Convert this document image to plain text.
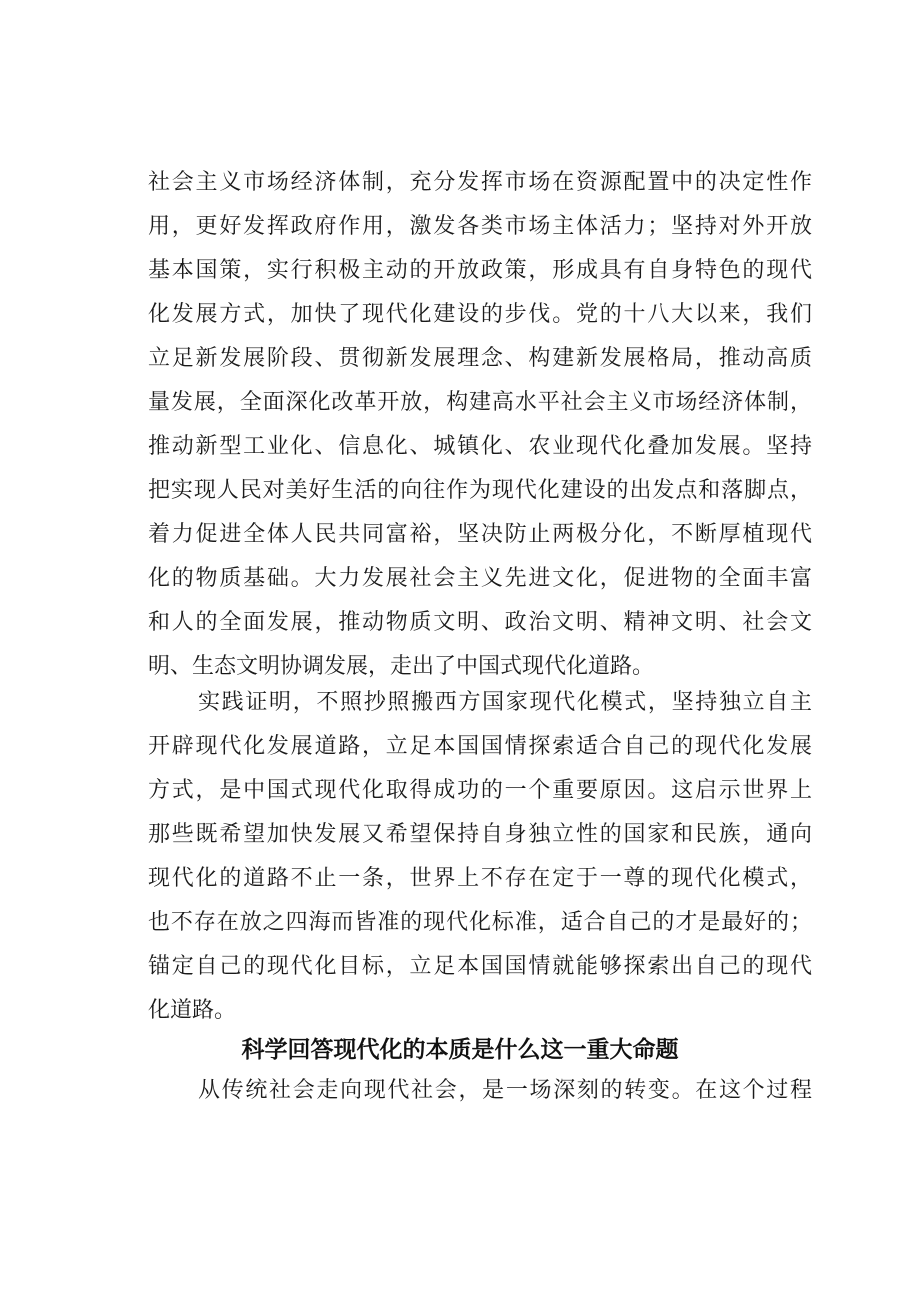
社会主义市场经济体制，充分发挥市场在资源配置中的决定性作
用，更好发挥政府作用，激发各类市场主体活力；坚持对外开放
基本国策，实行积极主动的开放政策，形成具有自身特色的现代
化发展方式，加快了现代化建设的步伐。党的十八大以来，我们
立足新发展阶段、贯彻新发展理念、构建新发展格局，推动高质
量发展，全面深化改革开放，构建高水平社会主义市场经济体制，
推动新型工业化、信息化、城镇化、农业现代化叠加发展。坚持
把实现人民对美好生活的向往作为现代化建设的出发点和落脚点，
着力促进全体人民共同富裕，坚决防止两极分化，不断厚植现代
化的物质基础。大力发展社会主义先进文化，促进物的全面丰富
和人的全面发展，推动物质文明、政治文明、精神文明、社会文
明、生态文明协调发展，走出了中国式现代化道路。
实践证明，不照抄照搬西方国家现代化模式，坚持独立自主
开辟现代化发展道路，立足本国国情探索适合自己的现代化发展
方式，是中国式现代化取得成功的一个重要原因。这启示世界上
那些既希望加快发展又希望保持自身独立性的国家和民族，通向
现代化的道路不止一条，世界上不存在定于一尊的现代化模式，
也不存在放之四海而皆准的现代化标准，适合自己的才是最好的；
锚定自己的现代化目标，立足本国国情就能够探索出自己的现代
化道路。
科学回答现代化的本质是什么这一重大命题
从传统社会走向现代社会，是一场深刻的转变。在这个过程
